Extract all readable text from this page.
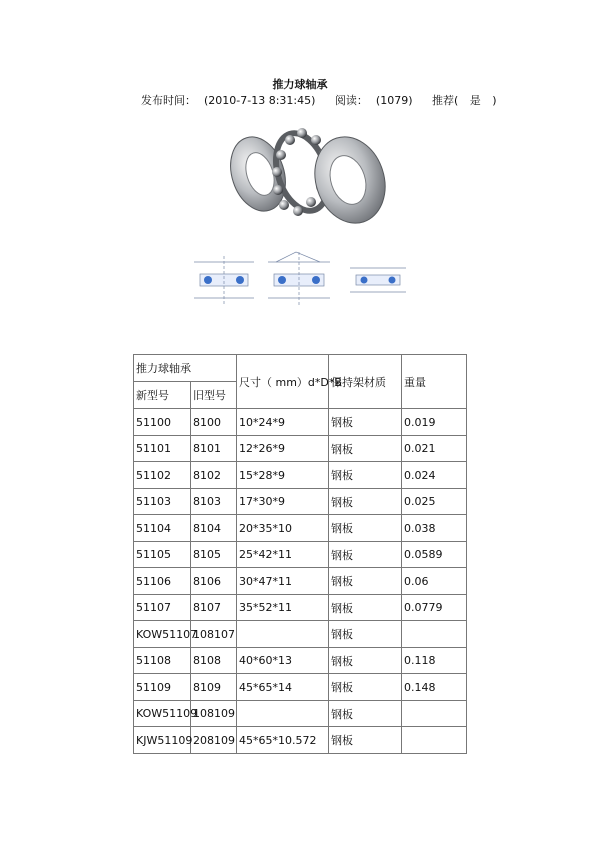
推力球轴承
发布时间： (2010-7-13 8:31:45) 阅读： (1079) 推荐( 是 )
推力球轴承		尺寸（ mm）d*D*B	保持架材质	重量
新型号	旧型号			
51100	8100	10*24*9	钢板	0.019
51101	8101	12*26*9	钢板	0.021
51102	8102	15*28*9	钢板	0.024
51103	8103	17*30*9	钢板	0.025
51104	8104	20*35*10	钢板	0.038
51105	8105	25*42*11	钢板	0.0589
51106	8106	30*47*11	钢板	0.06
51107	8107	35*52*11	钢板	0.0779
KOW51107	108107		钢板	
51108	8108	40*60*13	钢板	0.118
51109	8109	45*65*14	钢板	0.148
KOW51109	108109		钢板	
KJW51109	208109	45*65*10.572	钢板	
